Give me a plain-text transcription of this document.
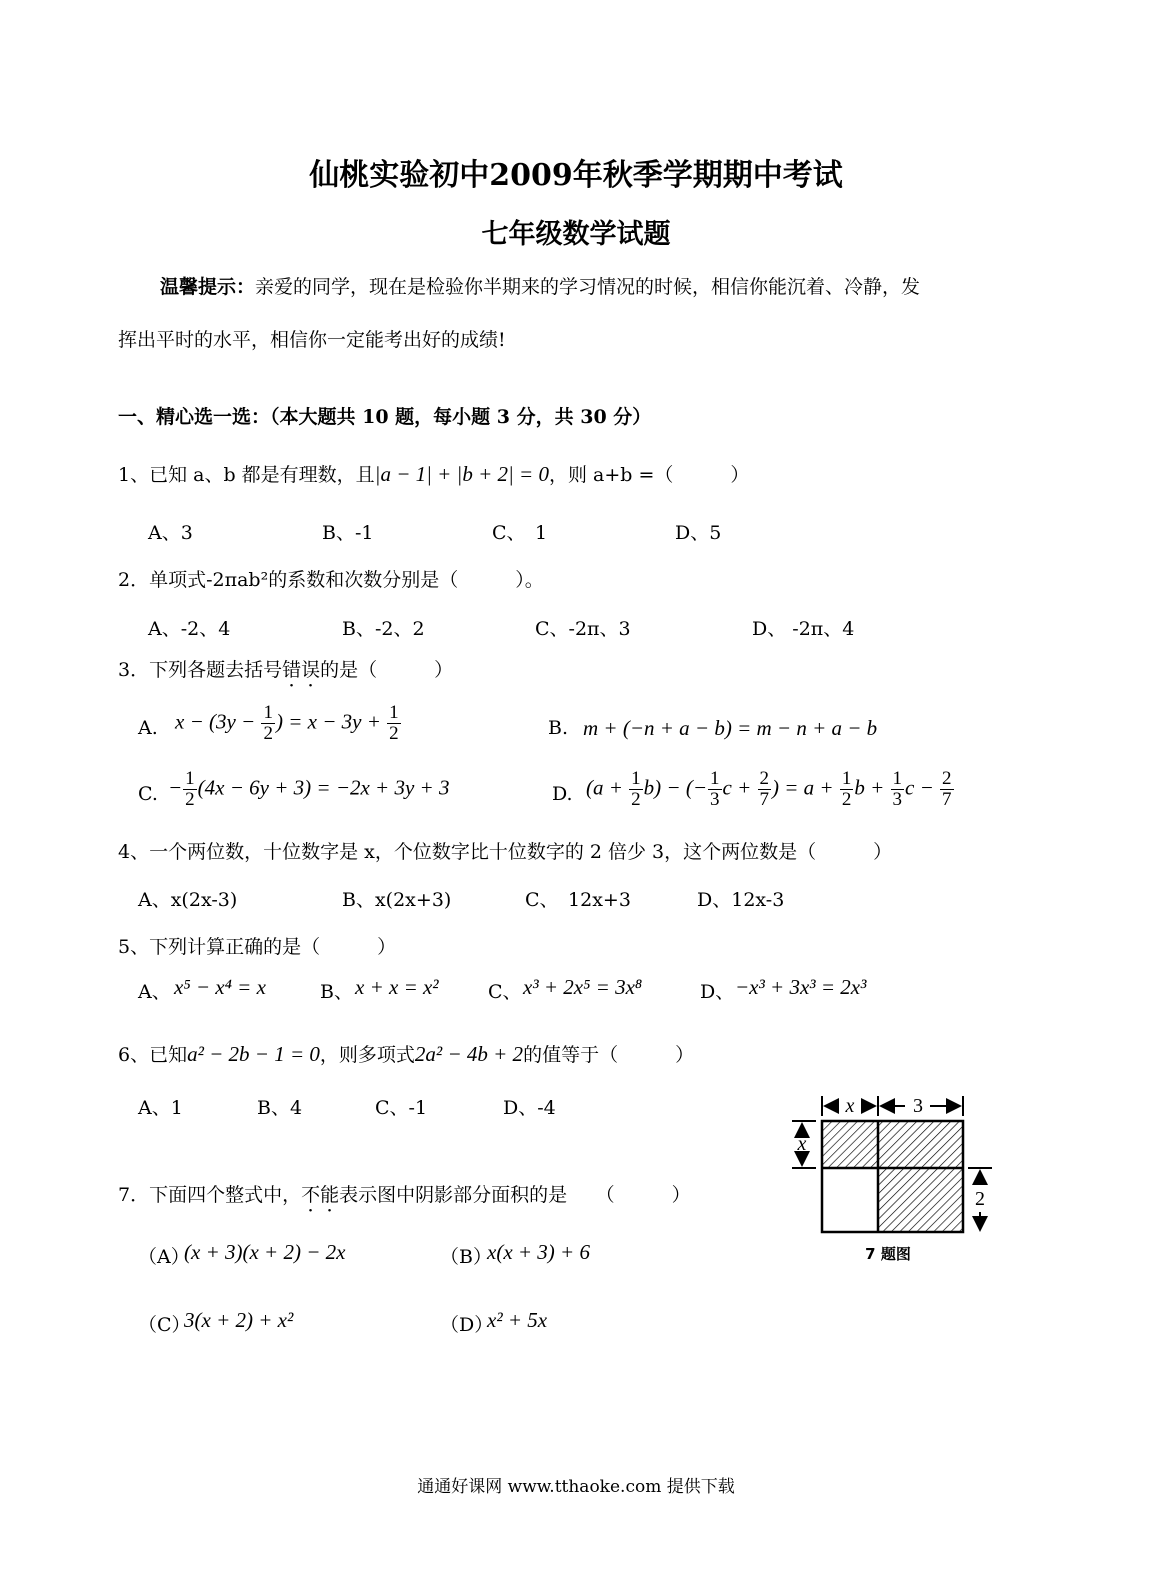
仙桃实验初中2009年秋季学期期中考试
七年级数学试题
温馨提示：亲爱的同学，现在是检验你半期来的学习情况的时候，相信你能沉着、冷静，发
挥出平时的水平，相信你一定能考出好的成绩!
一、精心选一选：（本大题共 10 题，每小题 3 分，共 30 分）
1、已知 a、b 都是有理数，且|a − 1| + |b + 2| = 0，则 a+b =（　　　）
A、3	B、-1	C、　1	D、5
2．单项式-2πab²的系数和次数分别是（　　　）。
A、-2、4	B、-2、2	C、-2π、3	D、 -2π、4
3．下列各题去括号错误的是（　　　）
A. $x - (3y - \frac{1}{2}$ ) = $x - 3y + \frac{1}{2}$	B. m + (−n + a − b) = m − n + a − b
C. − $\frac{1}{2} (4x - 6y + 3) = -2x + 3y + 3$	D. $(a + \frac{1}{2} b)$ − (− $\frac{1}{3}$ $c + \frac{2}{7}$ ) = $a + \frac{1}{2}$ $b + \frac{1}{3}$ $c - \frac{2}{7}$
4、一个两位数，十位数字是 x，个位数字比十位数字的 2 倍少 3，这个两位数是（　　　）
A、x(2x-3)	B、x(2x+3)	C、　12x+3	D、12x-3
5、下列计算正确的是（　　　）
A、 x⁵ − x⁴ = x	B、 x + x = x²	C、 x³ + 2x⁵ = 3x⁸	D、 −x³ + 3x³ = 2x³
6、已知a² − 2b − 1 = 0，则多项式2a² − 4b + 2的值等于（　　　）
A、1	B、4	C、-1	D、-4
7．下面四个整式中，不能表示图中阴影部分面积的是　　（　　　）
（A）
(x + 3)(x + 2) − 2x	（B）
x(x + 3) + 6
（C）
3(x + 2) + x²	（D）
x² + 5x
x	3
x
2
7 题图
通通好课网 www.tthaoke.com 提供下载
